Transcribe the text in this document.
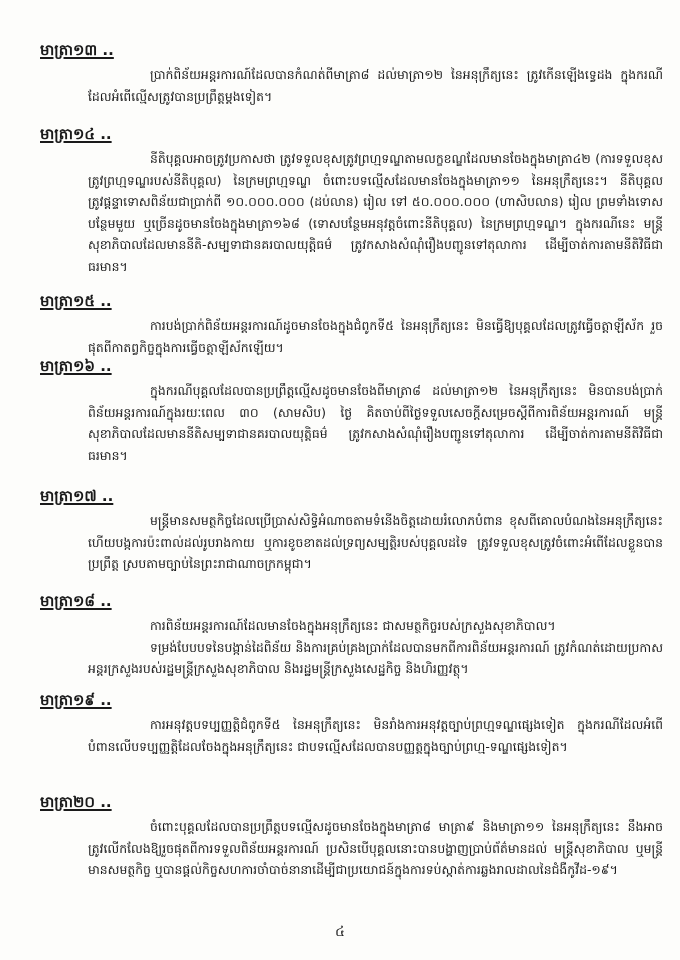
មាត្រា១៣ ..

ប្រាក់ពិន័យអន្តរការណ៍ដែលបានកំណត់ពីមាត្រា៨ ដល់មាត្រា១២ នៃអនុក្រឹត្យនេះ ត្រូវកើនឡើងទ្វេដង ក្នុងករណីដែលអំពើល្មើសត្រូវបានប្រព្រឹត្តម្តងទៀត។

មាត្រា១៤ ..

នីតិបុគ្គលអាចត្រូវប្រកាសថា ត្រូវទទួលខុសត្រូវព្រហ្មទណ្ឌតាមលក្ខខណ្ឌដែលមានចែងក្នុងមាត្រា៤២ (ការទទួលខុសត្រូវព្រហ្មទណ្ឌរបស់នីតិបុគ្គល) នៃក្រមព្រហ្មទណ្ឌ ចំពោះបទល្មើសដែលមានចែងក្នុងមាត្រា១១ នៃអនុក្រឹត្យនេះ។ នីតិបុគ្គលត្រូវផ្តន្ទាទោសពិន័យជាប្រាក់ពី ១០.០០០.០០០ (ដប់លាន) រៀល ទៅ ៥០.០០០.០០០ (ហាសិបលាន) រៀល ព្រមទាំងទោសបន្ថែមមួយ ឬច្រើនដូចមានចែងក្នុងមាត្រា១៦៨ (ទោសបន្ថែមអនុវត្តចំពោះនីតិបុគ្គល) នៃក្រមព្រហ្មទណ្ឌ។ ក្នុងករណីនេះ មន្រ្តីសុខាភិបាលដែលមាននីតិ-សម្បទាជានគរបាលយុត្តិធម៌ ត្រូវកសាងសំណុំរឿងបញ្ជូនទៅតុលាការ ដើម្បីចាត់ការតាមនីតិវិធីជាធរមាន។

មាត្រា១៥ ..

ការបង់ប្រាក់ពិន័យអន្តរការណ៍ដូចមានចែងក្នុងជំពូកទី៥ នៃអនុក្រឹត្យនេះ មិនធ្វើឱ្យបុគ្គលដែលត្រូវធ្វើចត្តាឡីស័ក រួចផុតពីកាតព្វកិច្ចក្នុងការធ្វើចត្តាឡីស័កឡើយ។

មាត្រា១៦ ..

ក្នុងករណីបុគ្គលដែលបានប្រព្រឹត្តល្មើសដូចមានចែងពីមាត្រា៨ ដល់មាត្រា១២ នៃអនុក្រឹត្យនេះ មិនបានបង់ប្រាក់ពិន័យអន្តរការណ៍ក្នុងរយៈពេល ៣០ (សាមសិប) ថ្ងៃ គិតចាប់ពីថ្ងៃទទួលសេចក្តីសម្រេចស្តីពីការពិន័យអន្តរការណ៍ មន្រ្តីសុខាភិបាលដែលមាននីតិសម្បទាជានគរបាលយុត្តិធម៌ ត្រូវកសាងសំណុំរឿងបញ្ជូនទៅតុលាការ ដើម្បីចាត់ការតាមនីតិវិធីជាធរមាន។

មាត្រា១៧ ..

មន្រ្តីមានសមត្ថកិច្ចដែលប្រើប្រាស់សិទ្ធិអំណាចតាមទំនើងចិត្តដោយរំលោភបំពាន ខុសពីគោលបំណងនៃអនុក្រឹត្យនេះ ហើយបង្កការប៉ះពាល់ដល់រូបរាងកាយ ឬការខូចខាតដល់ទ្រព្យសម្បត្តិរបស់បុគ្គលដទៃ ត្រូវទទួលខុសត្រូវចំពោះអំពើដែលខ្លួនបានប្រព្រឹត្ត ស្របតាមច្បាប់នៃព្រះរាជាណាចក្រកម្ពុជា។

មាត្រា១៨ ..

ការពិន័យអន្តរការណ៍ដែលមានចែងក្នុងអនុក្រឹត្យនេះ ជាសមត្ថកិច្ចរបស់ក្រសួងសុខាភិបាល។

ទម្រង់បែបបទនៃបង្កាន់ដៃពិន័យ និងការគ្រប់គ្រងប្រាក់ដែលបានមកពីការពិន័យអន្តរការណ៍ ត្រូវកំណត់ដោយប្រកាសអន្តរក្រសួងរបស់រដ្ឋមន្រ្តីក្រសួងសុខាភិបាល និងរដ្ឋមន្រ្តីក្រសួងសេដ្ឋកិច្ច និងហិរញ្ញវត្ថុ។

មាត្រា១៩ ..

ការអនុវត្តបទប្បញ្ញត្តិជំពូកទី៥ នៃអនុក្រឹត្យនេះ មិនរាំងការអនុវត្តច្បាប់ព្រហ្មទណ្ឌផ្សេងទៀត ក្នុងករណីដែលអំពើបំពានលើបទប្បញ្ញត្តិដែលចែងក្នុងអនុក្រឹត្យនេះ ជាបទល្មើសដែលបានបញ្ញត្តក្នុងច្បាប់ព្រហ្ម-ទណ្ឌផ្សេងទៀត។

មាត្រា២០ ..

ចំពោះបុគ្គលដែលបានប្រព្រឹត្តបទល្មើសដូចមានចែងក្នុងមាត្រា៨ មាត្រា៩ និងមាត្រា១១ នៃអនុក្រឹត្យនេះ នឹងអាចត្រូវលើកលែងឱ្យរួចផុតពីការទទួលពិន័យអន្តរការណ៍ ប្រសិនបើបុគ្គលនោះបានបង្ហាញប្រាប់ព័ត៌មានដល់ មន្រ្តីសុខាភិបាល ឬមន្ត្រីមានសមត្ថកិច្ច ឬបានផ្តល់កិច្ចសហការចាំបាច់នានាដើម្បីជាប្រយោជន៍ក្នុងការទប់ស្កាត់ការឆ្លងរាលដាលនៃជំងឺកូវីដ-១៩។

៤
